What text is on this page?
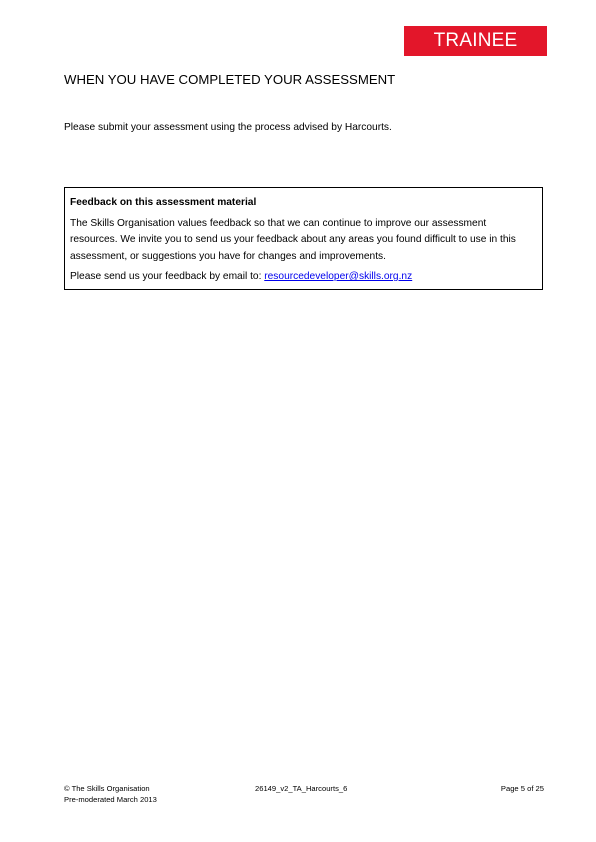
TRAINEE
WHEN YOU HAVE COMPLETED YOUR ASSESSMENT
Please submit your assessment using the process advised by Harcourts.

Feedback on this assessment material

The Skills Organisation values feedback so that we can continue to improve our assessment
resources. We invite you to send us your feedback about any areas you found difficult to use in this
assessment, or suggestions you have for changes and improvements.

Please send us your feedback by email to: resourcedeveloper@skills.org.nz

© The Skills Organisation
Pre-moderated March 2013
26149_v2_TA_Harcourts_6	Page 5 of 25
